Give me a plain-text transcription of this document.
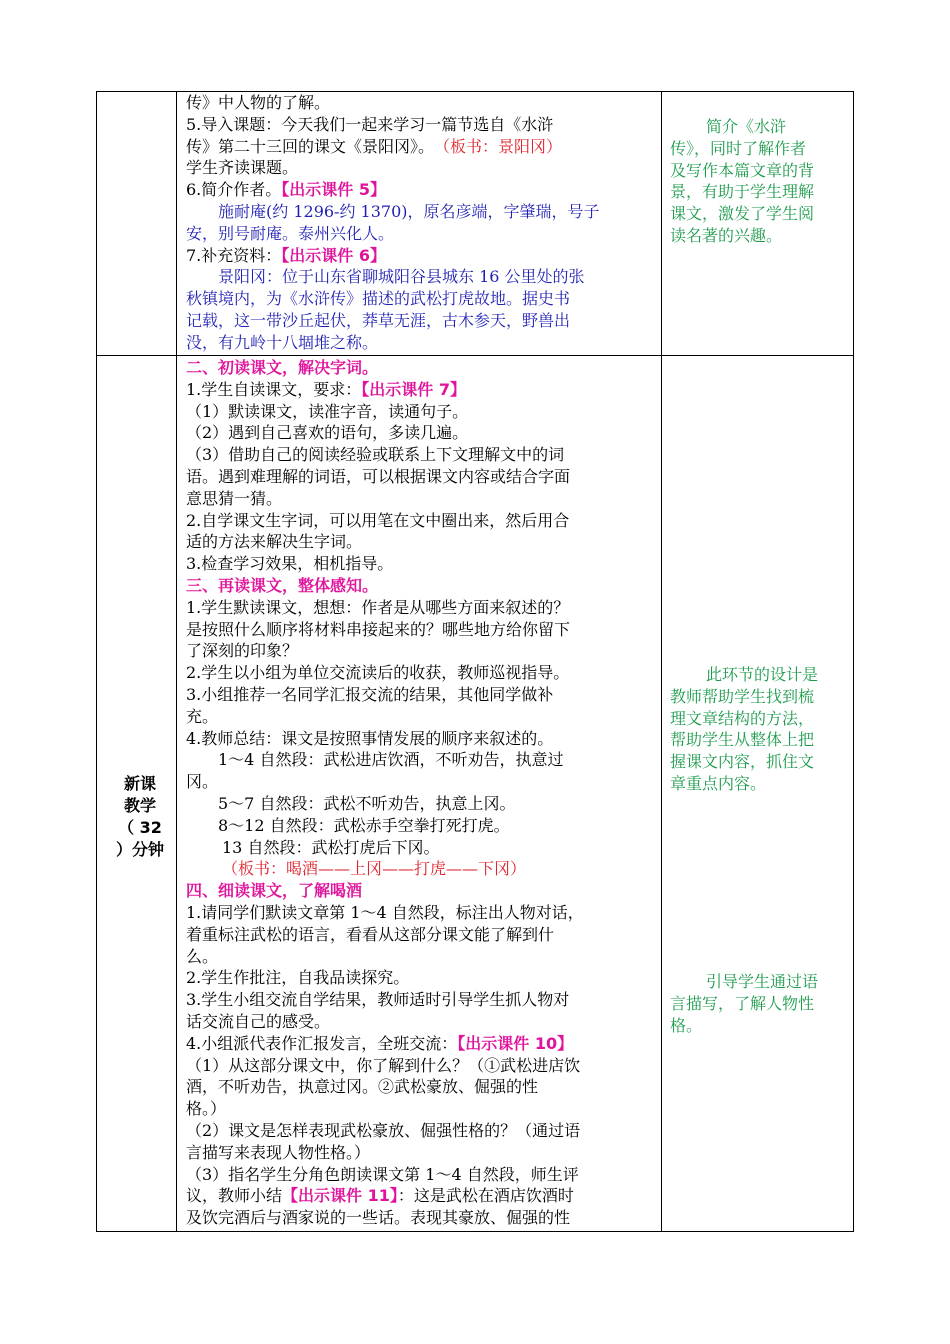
传》中人物的了解。
5.导入课题：今天我们一起来学习一篇节选自《水浒
传》第二十三回的课文《景阳冈》。 （板书：景阳冈）
学生齐读课题。
6.简介作者。【出示课件 5】
施耐庵(约 1296-约 1370)，原名彦端，字肇瑞，号子
安，别号耐庵。泰州兴化人。
7.补充资料：【出示课件 6】
景阳冈：位于山东省聊城阳谷县城东 16 公里处的张
秋镇境内，为《水浒传》描述的武松打虎故地。据史书
记载，这一带沙丘起伏，莽草无涯，古木参天，野兽出
没，有九岭十八堌堆之称。
简介《水浒
传》，同时了解作者
及写作本篇文章的背
景，有助于学生理解
课文，激发了学生阅
读名著的兴趣。
新课
教学
（ 32
）分钟
二、初读课文，解决字词。
1.学生自读课文，要求：【出示课件 7】
（1）默读课文，读准字音，读通句子。
（2）遇到自己喜欢的语句，多读几遍。
（3）借助自己的阅读经验或联系上下文理解文中的词
语。遇到难理解的词语，可以根据课文内容或结合字面
意思猜一猜。
2.自学课文生字词，可以用笔在文中圈出来，然后用合
适的方法来解决生字词。
3.检查学习效果，相机指导。
三、再读课文，整体感知。
1.学生默读课文，想想：作者是从哪些方面来叙述的？
是按照什么顺序将材料串接起来的？哪些地方给你留下
了深刻的印象？
2.学生以小组为单位交流读后的收获，教师巡视指导。
3.小组推荐一名同学汇报交流的结果，其他同学做补
充。
4.教师总结：课文是按照事情发展的顺序来叙述的。
1～4 自然段：武松进店饮酒，不听劝告，执意过
冈。
5～7 自然段：武松不听劝告，执意上冈。
8～12 自然段：武松赤手空拳打死打虎。
13 自然段：武松打虎后下冈。
（板书：喝酒——上冈——打虎——下冈）
四、细读课文，了解喝酒
1.请同学们默读文章第 1～4 自然段，标注出人物对话，
着重标注武松的语言，看看从这部分课文能了解到什
么。
2.学生作批注，自我品读探究。
3.学生小组交流自学结果，教师适时引导学生抓人物对
话交流自己的感受。
4.小组派代表作汇报发言，全班交流：【出示课件 10】
（1）从这部分课文中，你了解到什么？（①武松进店饮
酒，不听劝告，执意过冈。②武松豪放、倔强的性
格。）
（2）课文是怎样表现武松豪放、倔强性格的？（通过语
言描写来表现人物性格。）
（3）指名学生分角色朗读课文第 1～4 自然段，师生评
议，教师小结【出示课件 11】：这是武松在酒店饮酒时
及饮完酒后与酒家说的一些话。表现其豪放、倔强的性
此环节的设计是
教师帮助学生找到梳
理文章结构的方法，
帮助学生从整体上把
握课文内容，抓住文
章重点内容。
引导学生通过语
言描写，了解人物性
格。
